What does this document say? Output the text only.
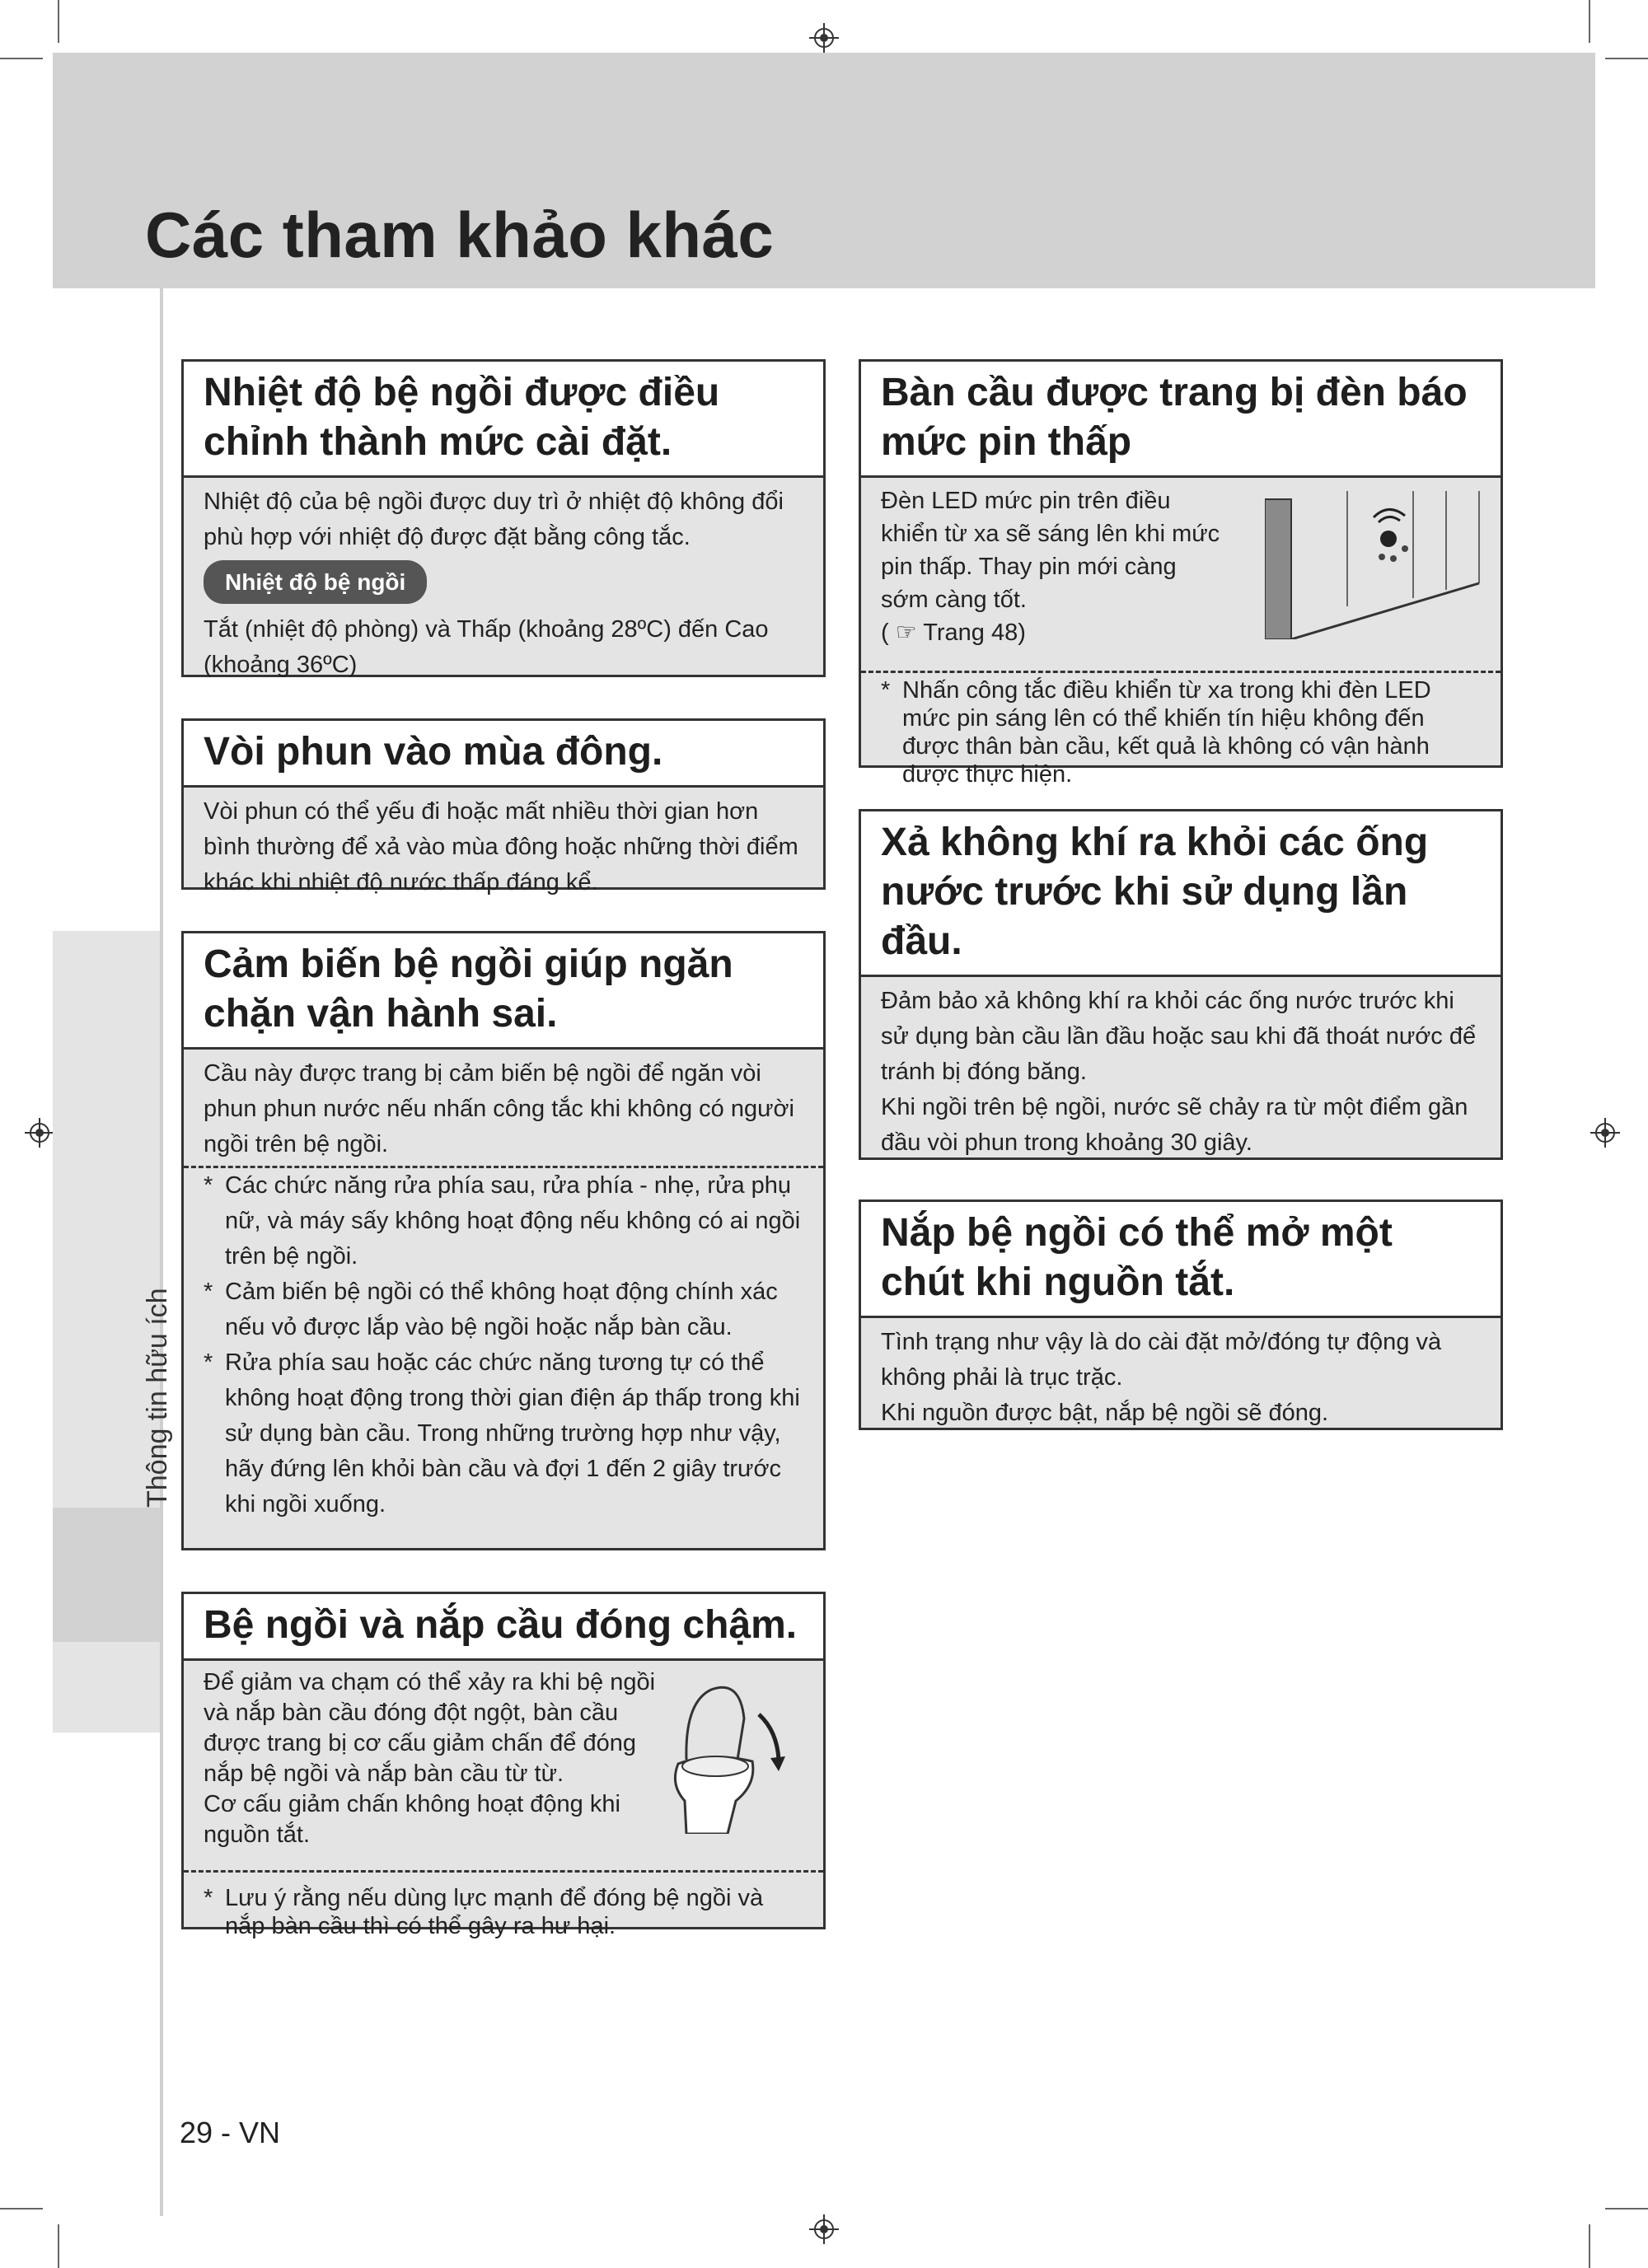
Các tham khảo khác
Thông tin hữu ích
Nhiệt độ bệ ngồi được điều chỉnh thành mức cài đặt.

Nhiệt độ của bệ ngồi được duy trì ở nhiệt độ không đổi phù hợp với nhiệt độ được đặt bằng công tắc.

Nhiệt độ bệ ngồi

Tắt (nhiệt độ phòng) và Thấp (khoảng 28ºC) đến Cao (khoảng 36ºC)

Vòi phun vào mùa đông.

Vòi phun có thể yếu đi hoặc mất nhiều thời gian hơn bình thường để xả vào mùa đông hoặc những thời điểm khác khi nhiệt độ nước thấp đáng kể.

Cảm biến bệ ngồi giúp ngăn chặn vận hành sai.

Cầu này được trang bị cảm biến bệ ngồi để ngăn vòi phun phun nước nếu nhấn công tắc khi không có người ngồi trên bệ ngồi.

* Các chức năng rửa phía sau, rửa phía - nhẹ, rửa phụ nữ, và máy sấy không hoạt động nếu không có ai ngồi trên bệ ngồi.
* Cảm biến bệ ngồi có thể không hoạt động chính xác nếu vỏ được lắp vào bệ ngồi hoặc nắp bàn cầu.
* Rửa phía sau hoặc các chức năng tương tự có thể không hoạt động trong thời gian điện áp thấp trong khi sử dụng bàn cầu. Trong những trường hợp như vậy, hãy đứng lên khỏi bàn cầu và đợi 1 đến 2 giây trước khi ngồi xuống.
Bệ ngồi và nắp cầu đóng chậm.

Để giảm va chạm có thể xảy ra khi bệ ngồi và nắp bàn cầu đóng đột ngột, bàn cầu được trang bị cơ cấu giảm chấn để đóng nắp bệ ngồi và nắp bàn cầu từ từ.

Cơ cấu giảm chấn không hoạt động khi nguồn tắt.

* Lưu ý rằng nếu dùng lực mạnh để đóng bệ ngồi và nắp bàn cầu thì có thể gây ra hư hại.
Bàn cầu được trang bị đèn báo mức pin thấp

Đèn LED mức pin trên điều khiển từ xa sẽ sáng lên khi mức pin thấp. Thay pin mới càng sớm càng tốt.

( ☞ Trang 48)

* Nhấn công tắc điều khiển từ xa trong khi đèn LED mức pin sáng lên có thể khiến tín hiệu không đến được thân bàn cầu, kết quả là không có vận hành được thực hiện.
Xả không khí ra khỏi các ống nước trước khi sử dụng lần đầu.

Đảm bảo xả không khí ra khỏi các ống nước trước khi sử dụng bàn cầu lần đầu hoặc sau khi đã thoát nước để tránh bị đóng băng.

Khi ngồi trên bệ ngồi, nước sẽ chảy ra từ một điểm gần đầu vòi phun trong khoảng 30 giây.

Nắp bệ ngồi có thể mở một chút khi nguồn tắt.

Tình trạng như vậy là do cài đặt mở/đóng tự động và không phải là trục trặc.

Khi nguồn được bật, nắp bệ ngồi sẽ đóng.

29 - VN
